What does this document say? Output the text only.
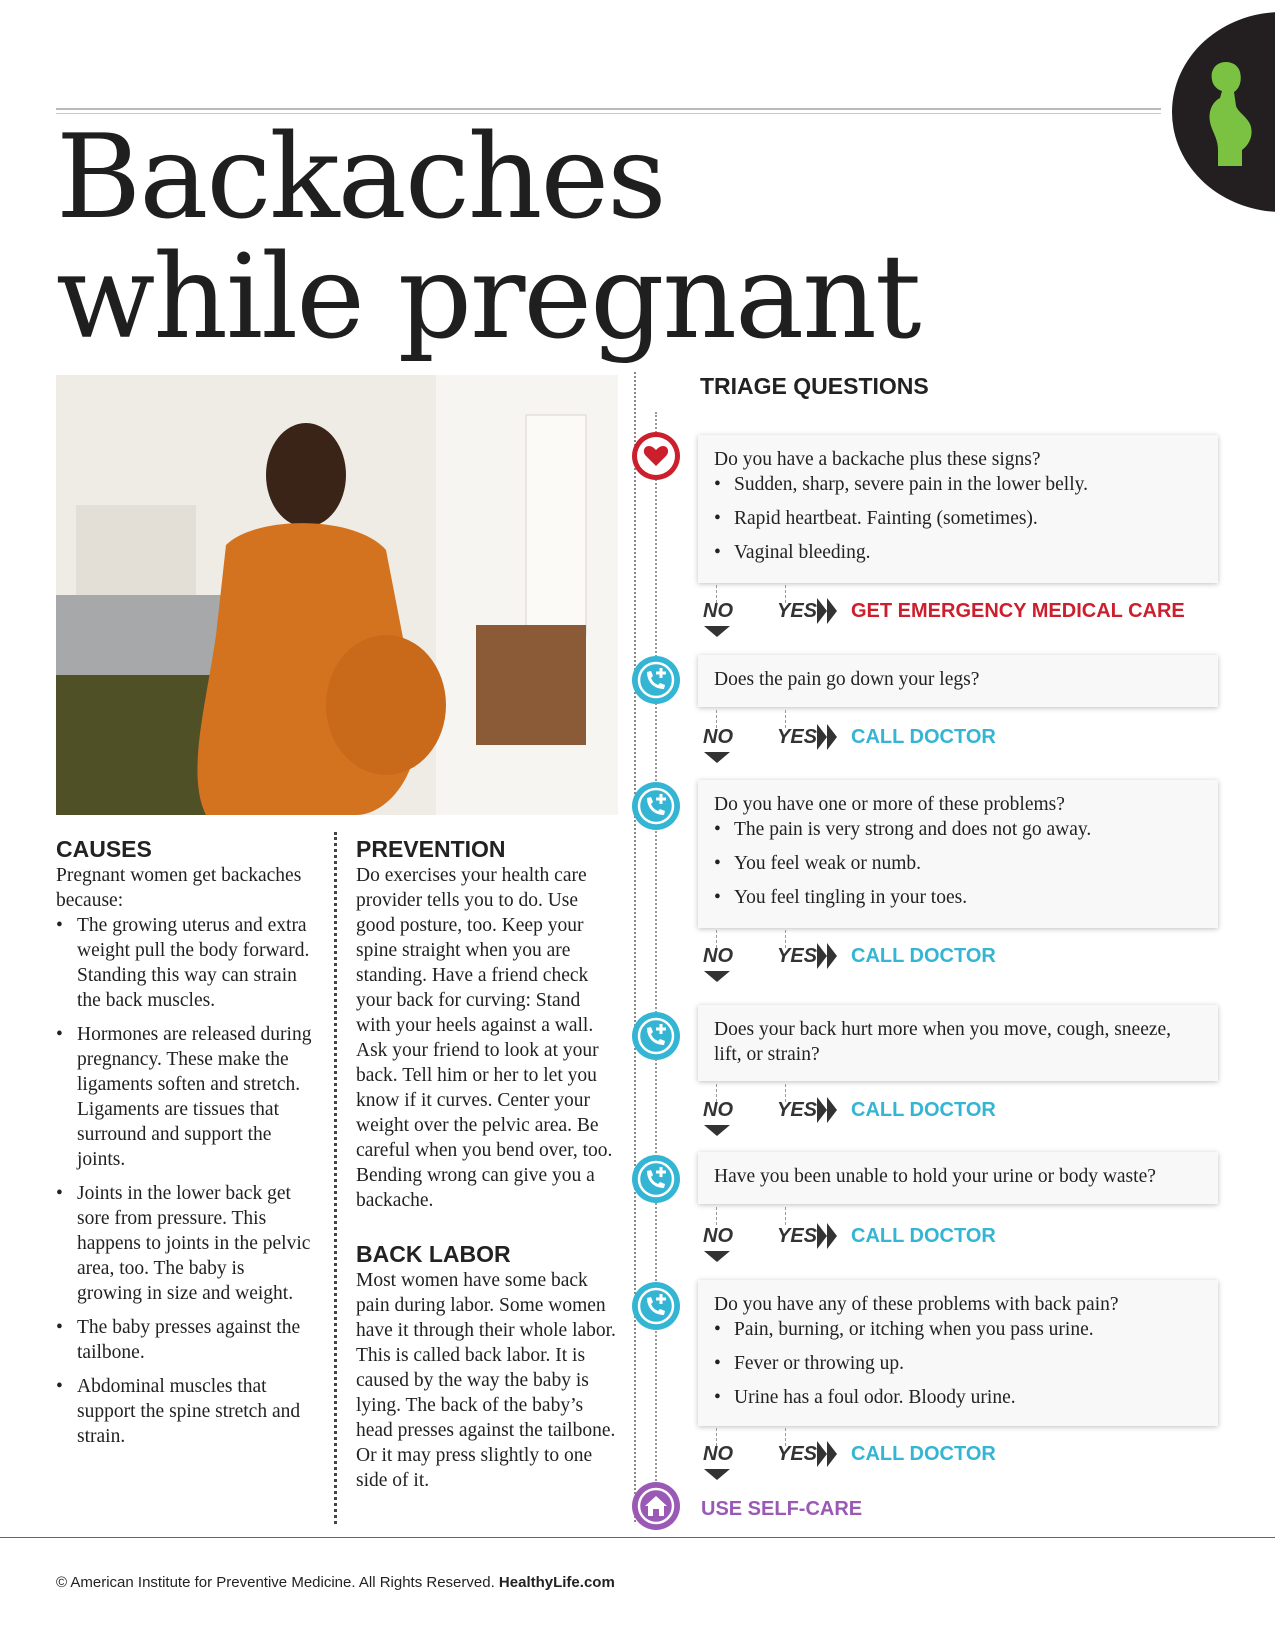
Backaches
while pregnant
CAUSES
Pregnant women get backaches because:
• The growing uterus and extra weight pull the body forward. Standing this way can strain the back muscles.
• Hormones are released during pregnancy. These make the ligaments soften and stretch. Ligaments are tissues that surround and support the joints.
• Joints in the lower back get sore from pressure. This happens to joints in the pelvic area, too. The baby is growing in size and weight.
• The baby presses against the tailbone.
• Abdominal muscles that support the spine stretch and strain.
PREVENTION
Do exercises your health care provider tells you to do. Use good posture, too. Keep your spine straight when you are standing. Have a friend check your back for curving: Stand with your heels against a wall. Ask your friend to look at your back. Tell him or her to let you know if it curves. Center your weight over the pelvic area. Be careful when you bend over, too. Bending wrong can give you a backache.
BACK LABOR
Most women have some back pain during labor. Some women have it through their whole labor. This is called back labor. It is caused by the way the baby is lying. The back of the baby’s head presses against the tailbone. Or it may press slightly to one side of it.
TRIAGE QUESTIONS
Do you have a backache plus these signs?
• Sudden, sharp, severe pain in the lower belly.
• Rapid heartbeat. Fainting (sometimes).
• Vaginal bleeding.
NO YES GET EMERGENCY MEDICAL CARE
Does the pain go down your legs?
NO YES CALL DOCTOR
Do you have one or more of these problems?
• The pain is very strong and does not go away.
• You feel weak or numb.
• You feel tingling in your toes.
NO YES CALL DOCTOR
Does your back hurt more when you move, cough, sneeze, lift, or strain?
NO YES CALL DOCTOR
Have you been unable to hold your urine or body waste?
NO YES CALL DOCTOR
Do you have any of these problems with back pain?
• Pain, burning, or itching when you pass urine.
• Fever or throwing up.
• Urine has a foul odor. Bloody urine.
NO YES CALL DOCTOR
USE SELF-CARE
© American Institute for Preventive Medicine. All Rights Reserved. HealthyLife.com
